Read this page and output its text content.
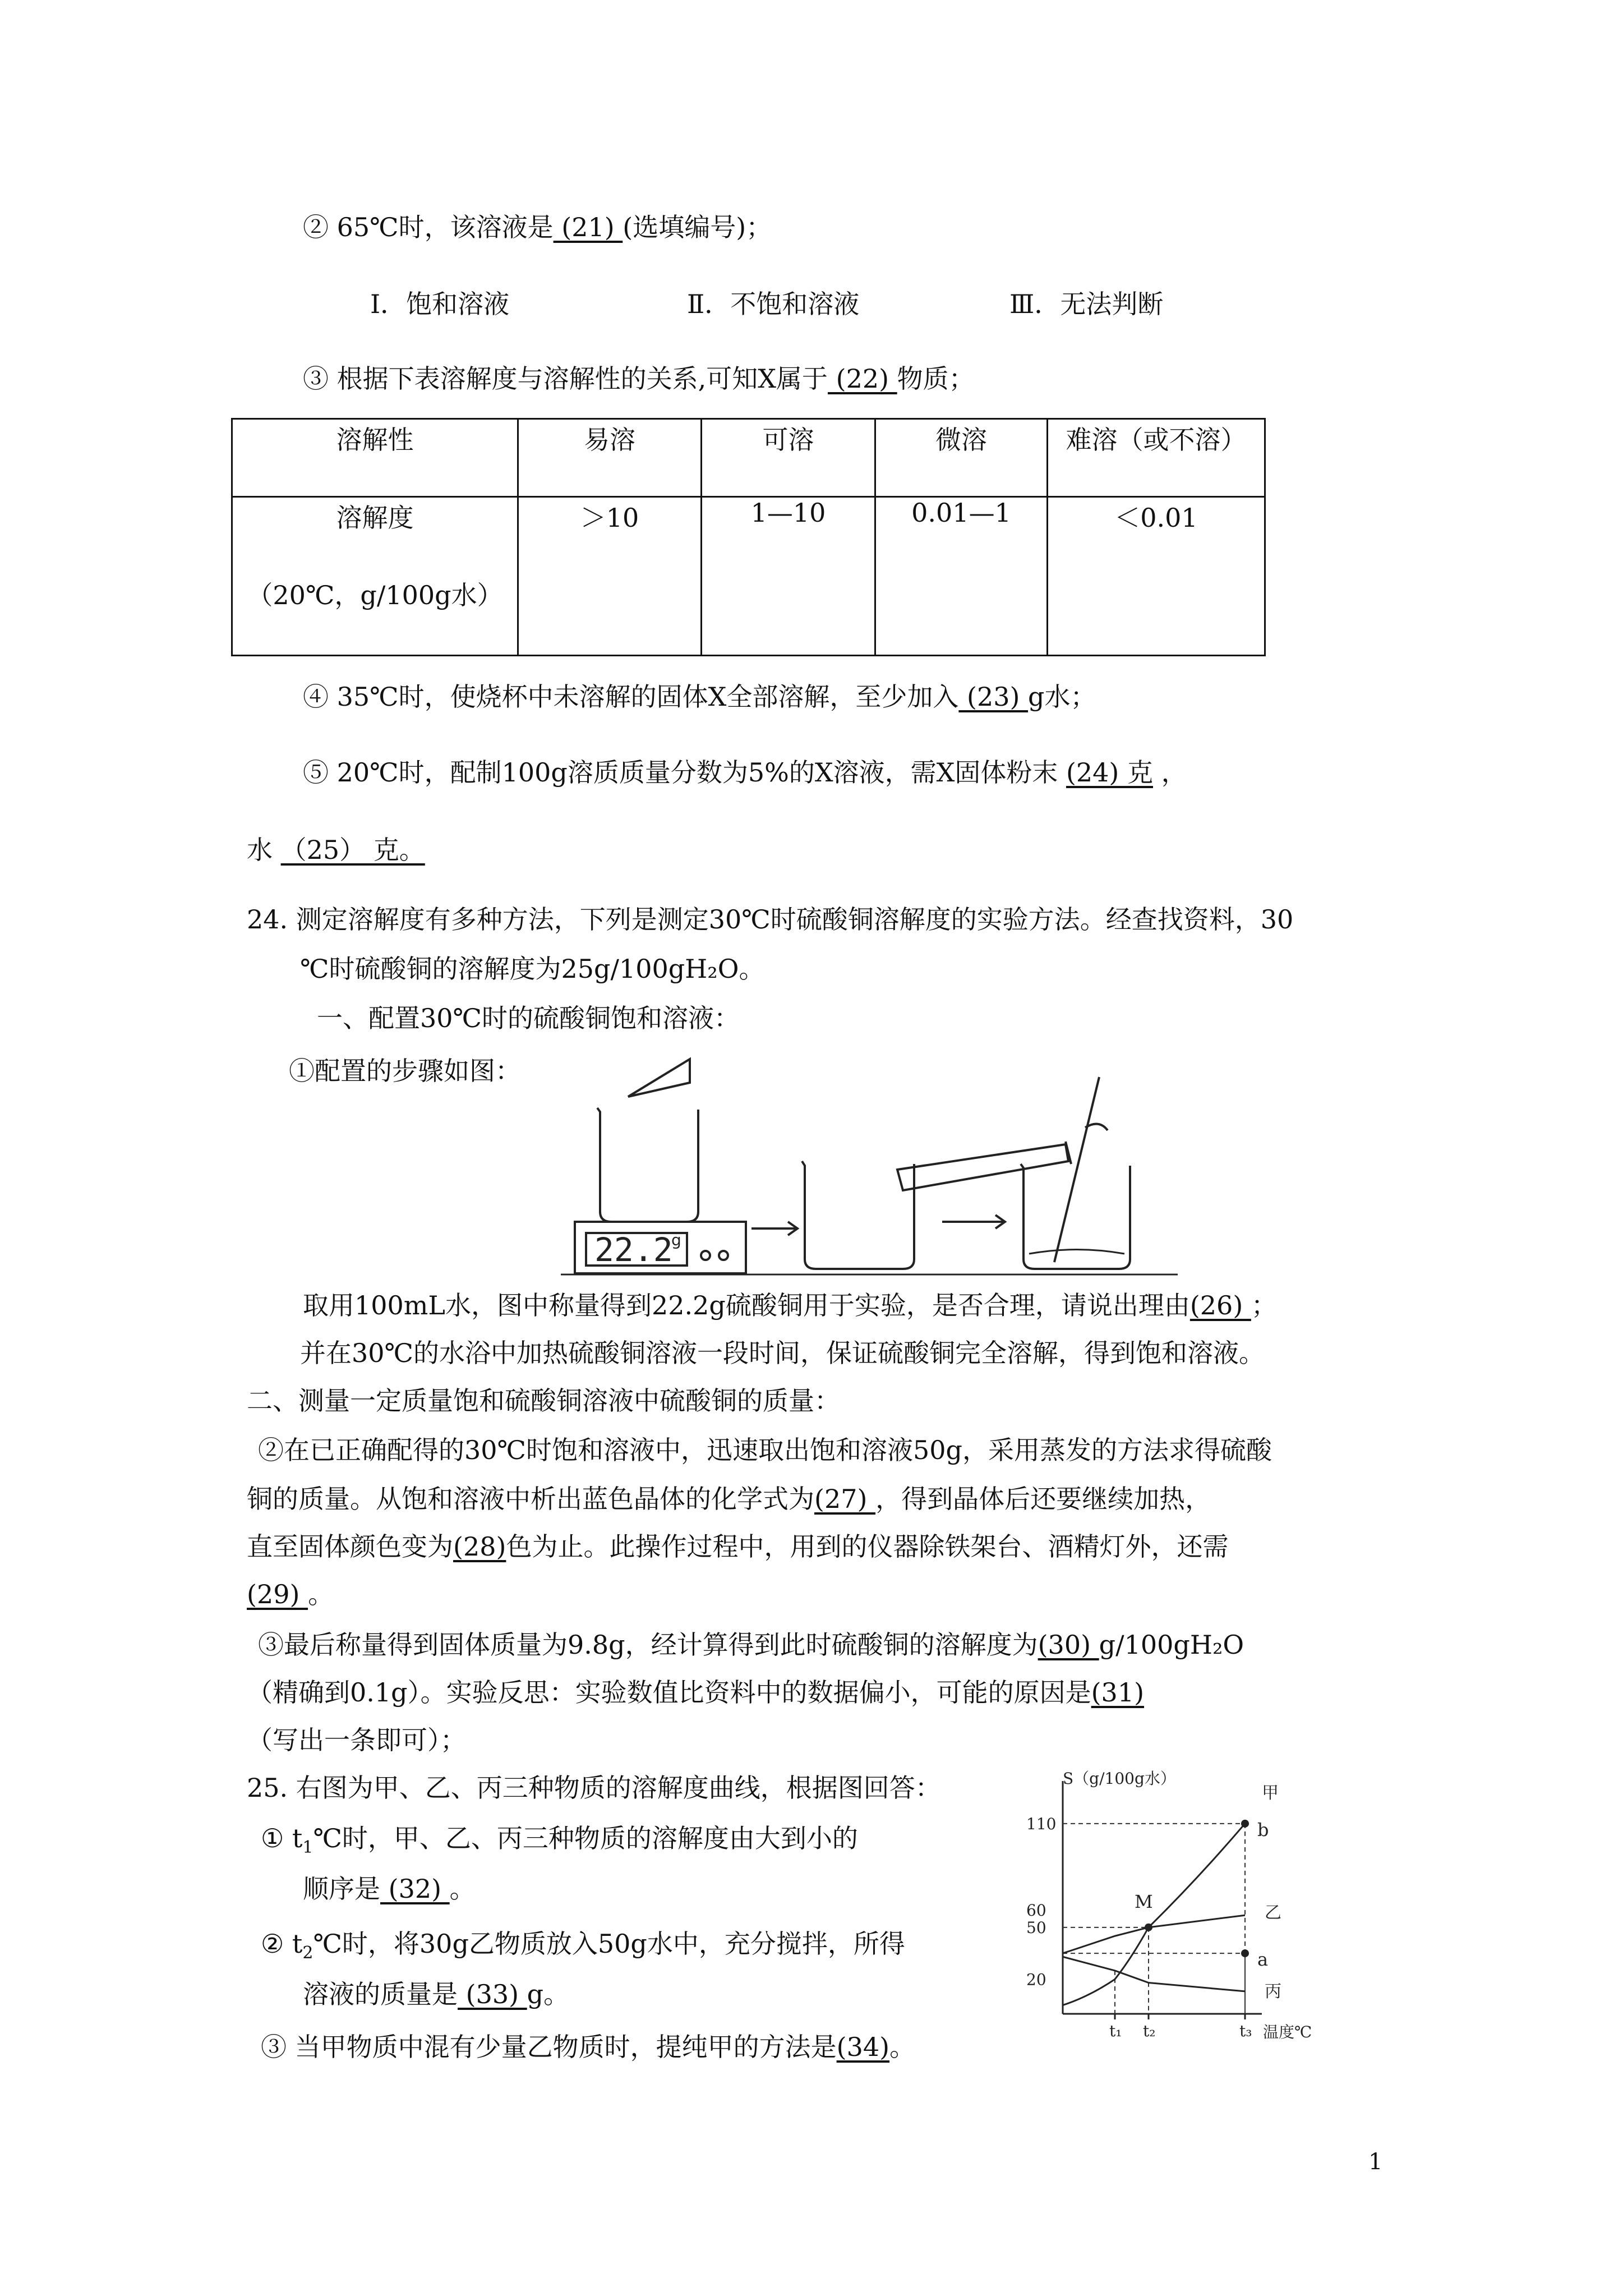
② 65℃时，该溶液是 (21) (选填编号)；
Ⅰ．饱和溶液	Ⅱ．不饱和溶液	Ⅲ．无法判断
③ 根据下表溶解度与溶解性的关系,可知X属于 (22) 物质；
溶解性	易溶	可溶	微溶	难溶（或不溶）

溶解度
（20℃，g/100g水）	＞10	1—10	0.01—1	＜0.01
④ 35℃时，使烧杯中未溶解的固体X全部溶解，至少加入 (23) g水；
⑤ 20℃时，配制100g溶质质量分数为5%的X溶液，需X固体粉末 (24) 克 ，
水 （25） 克。
24. 测定溶解度有多种方法，下列是测定30℃时硫酸铜溶解度的实验方法。经查找资料，30
℃时硫酸铜的溶解度为25g/100gH₂O。
一、配置30℃时的硫酸铜饱和溶液：
①配置的步骤如图：
22.2
g
取用100mL水，图中称量得到22.2g硫酸铜用于实验，是否合理，请说出理由(26) ；
并在30℃的水浴中加热硫酸铜溶液一段时间，保证硫酸铜完全溶解，得到饱和溶液。
二、测量一定质量饱和硫酸铜溶液中硫酸铜的质量：
②在已正确配得的30℃时饱和溶液中，迅速取出饱和溶液50g，采用蒸发的方法求得硫酸
铜的质量。从饱和溶液中析出蓝色晶体的化学式为(27) ，得到晶体后还要继续加热，
直至固体颜色变为(28)色为止。此操作过程中，用到的仪器除铁架台、酒精灯外，还需
(29) 。
③最后称量得到固体质量为9.8g，经计算得到此时硫酸铜的溶解度为(30) g/100gH₂O
（精确到0.1g）。实验反思：实验数值比资料中的数据偏小，可能的原因是(31)
（写出一条即可）；
25. 右图为甲、乙、丙三种物质的溶解度曲线，根据图回答：
① $t_1℃$时，甲、乙、丙三种物质的溶解度由大到小的
顺序是 (32) 。
② $t_2℃$时，将30g乙物质放入50g水中，充分搅拌，所得
溶液的质量是 (33) g。
③ 当甲物质中混有少量乙物质时，提纯甲的方法是(34)。
S（g/100g水）
温度℃
20
50
60
110
t₁ t₂	t₃
甲
乙
丙
M
b
a
1
